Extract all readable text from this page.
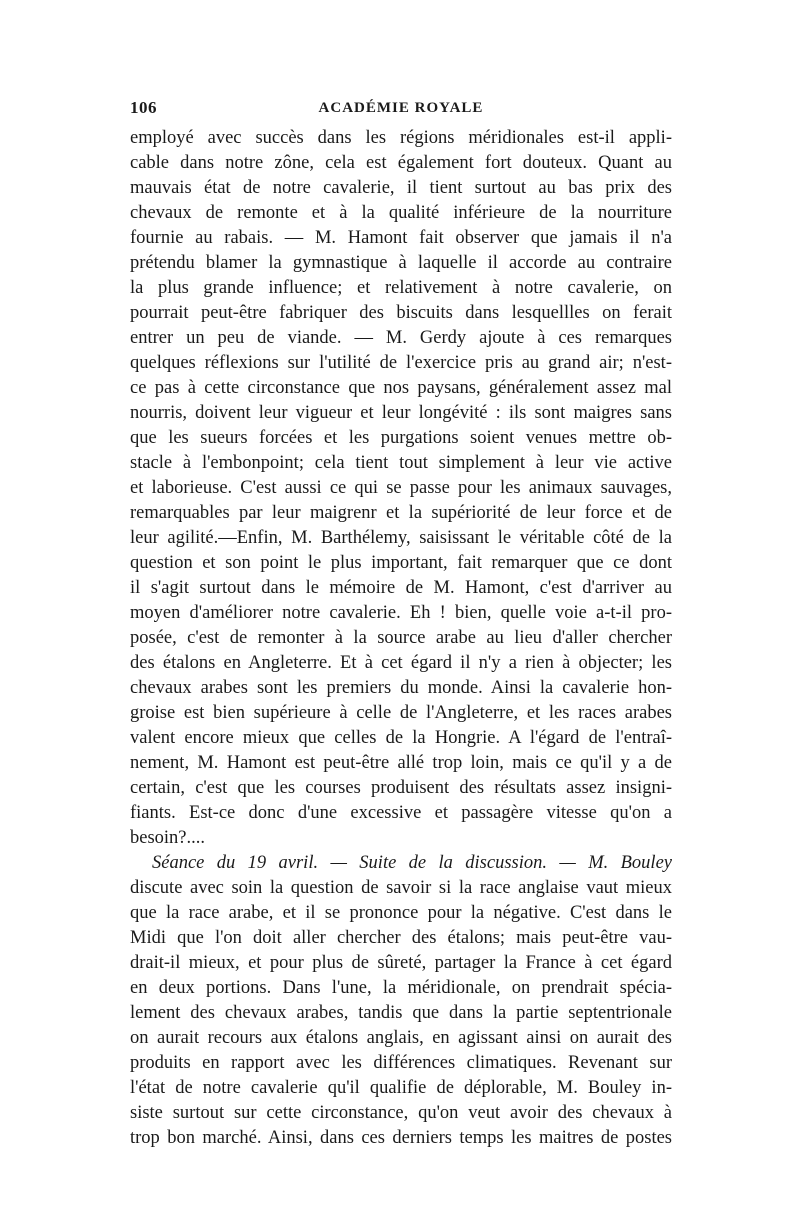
106	ACADÉMIE ROYALE
employé avec succès dans les régions méridionales est-il appli-
cable dans notre zône, cela est également fort douteux. Quant au
mauvais état de notre cavalerie, il tient surtout au bas prix des
chevaux de remonte et à la qualité inférieure de la nourriture
fournie au rabais. — M. Hamont fait observer que jamais il n'a
prétendu blamer la gymnastique à laquelle il accorde au contraire
la plus grande influence; et relativement à notre cavalerie, on
pourrait peut-être fabriquer des biscuits dans lesquellles on ferait
entrer un peu de viande. — M. Gerdy ajoute à ces remarques
quelques réflexions sur l'utilité de l'exercice pris au grand air; n'est-
ce pas à cette circonstance que nos paysans, généralement assez mal
nourris, doivent leur vigueur et leur longévité : ils sont maigres sans
que les sueurs forcées et les purgations soient venues mettre ob-
stacle à l'embonpoint; cela tient tout simplement à leur vie active
et laborieuse. C'est aussi ce qui se passe pour les animaux sauvages,
remarquables par leur maigrenr et la supériorité de leur force et de
leur agilité.—Enfin, M. Barthélemy, saisissant le véritable côté de la
question et son point le plus important, fait remarquer que ce dont
il s'agit surtout dans le mémoire de M. Hamont, c'est d'arriver au
moyen d'améliorer notre cavalerie. Eh ! bien, quelle voie a-t-il pro-
posée, c'est de remonter à la source arabe au lieu d'aller chercher
des étalons en Angleterre. Et à cet égard il n'y a rien à objecter; les
chevaux arabes sont les premiers du monde. Ainsi la cavalerie hon-
groise est bien supérieure à celle de l'Angleterre, et les races arabes
valent encore mieux que celles de la Hongrie. A l'égard de l'entraî-
nement, M. Hamont est peut-être allé trop loin, mais ce qu'il y a de
certain, c'est que les courses produisent des résultats assez insigni-
fiants. Est-ce donc d'une excessive et passagère vitesse qu'on a
besoin?....
Séance du 19 avril. — Suite de la discussion. — M. Bouley
discute avec soin la question de savoir si la race anglaise vaut mieux
que la race arabe, et il se prononce pour la négative. C'est dans le
Midi que l'on doit aller chercher des étalons; mais peut-être vau-
drait-il mieux, et pour plus de sûreté, partager la France à cet égard
en deux portions. Dans l'une, la méridionale, on prendrait spécia-
lement des chevaux arabes, tandis que dans la partie septentrionale
on aurait recours aux étalons anglais, en agissant ainsi on aurait des
produits en rapport avec les différences climatiques. Revenant sur
l'état de notre cavalerie qu'il qualifie de déplorable, M. Bouley in-
siste surtout sur cette circonstance, qu'on veut avoir des chevaux à
trop bon marché. Ainsi, dans ces derniers temps les maitres de postes
